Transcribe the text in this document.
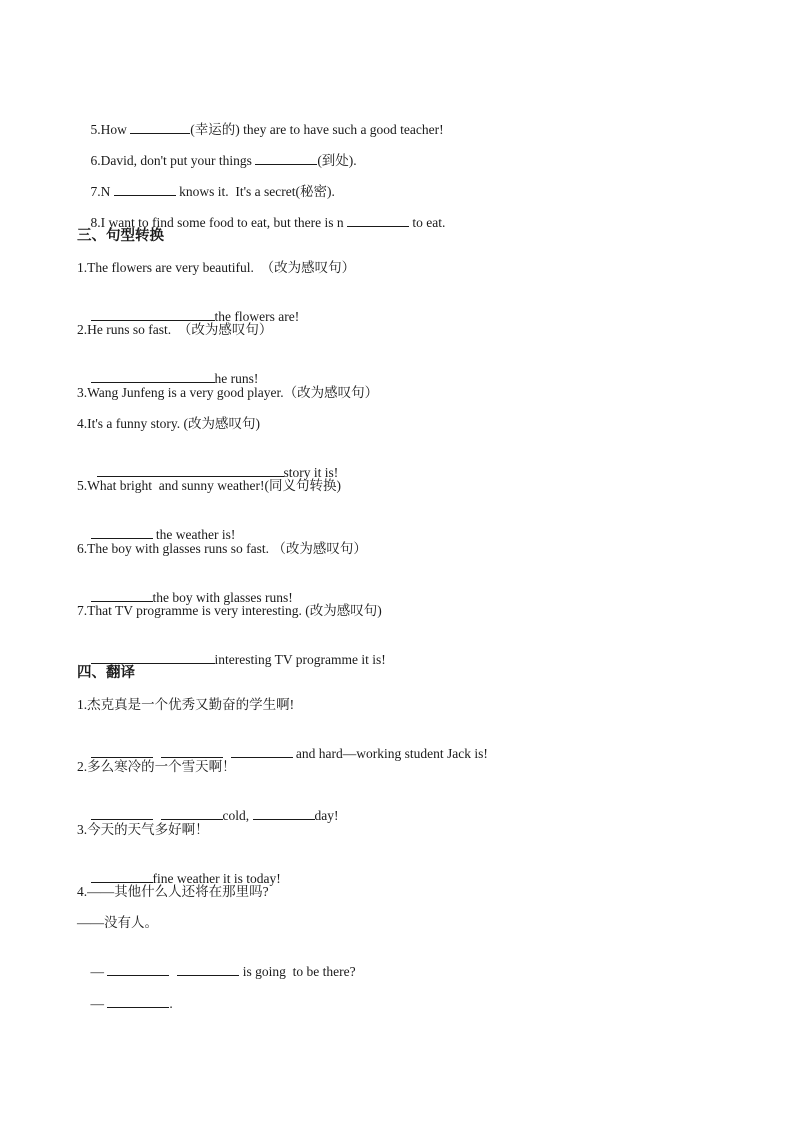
5.How	(幸运的) they are to have such a good teacher!

6.David, don't put your things	(到处).

7.N	knows it.  It's a secret(秘密).

8.I want to find some food to eat, but there is n	to eat.

三、句型转换
1.The flowers are very beautiful.  （改为感叹句）

the flowers are!

2.He runs so fast.  （改为感叹句）

he runs!

3.Wang Junfeng is a very good player.（改为感叹句）
4.It's a funny story. (改为感叹句)

story it is!

5.What bright  and sunny weather!(同义句转换)

the weather is!

6.The boy with glasses runs so fast. （改为感叹句）

the boy with glasses runs!

7.That TV programme is very interesting. (改为感叹句)

interesting TV programme it is!

四、翻译
1.杰克真是一个优秀又勤奋的学生啊!

and hard—working student Jack is!

2.多么寒冷的一个雪天啊！

cold,	day!

3.今天的天气多好啊！

fine weather it is today!

4.——其他什么人还将在那里吗?
——没有人。

—	is going  to be there?

—	.
